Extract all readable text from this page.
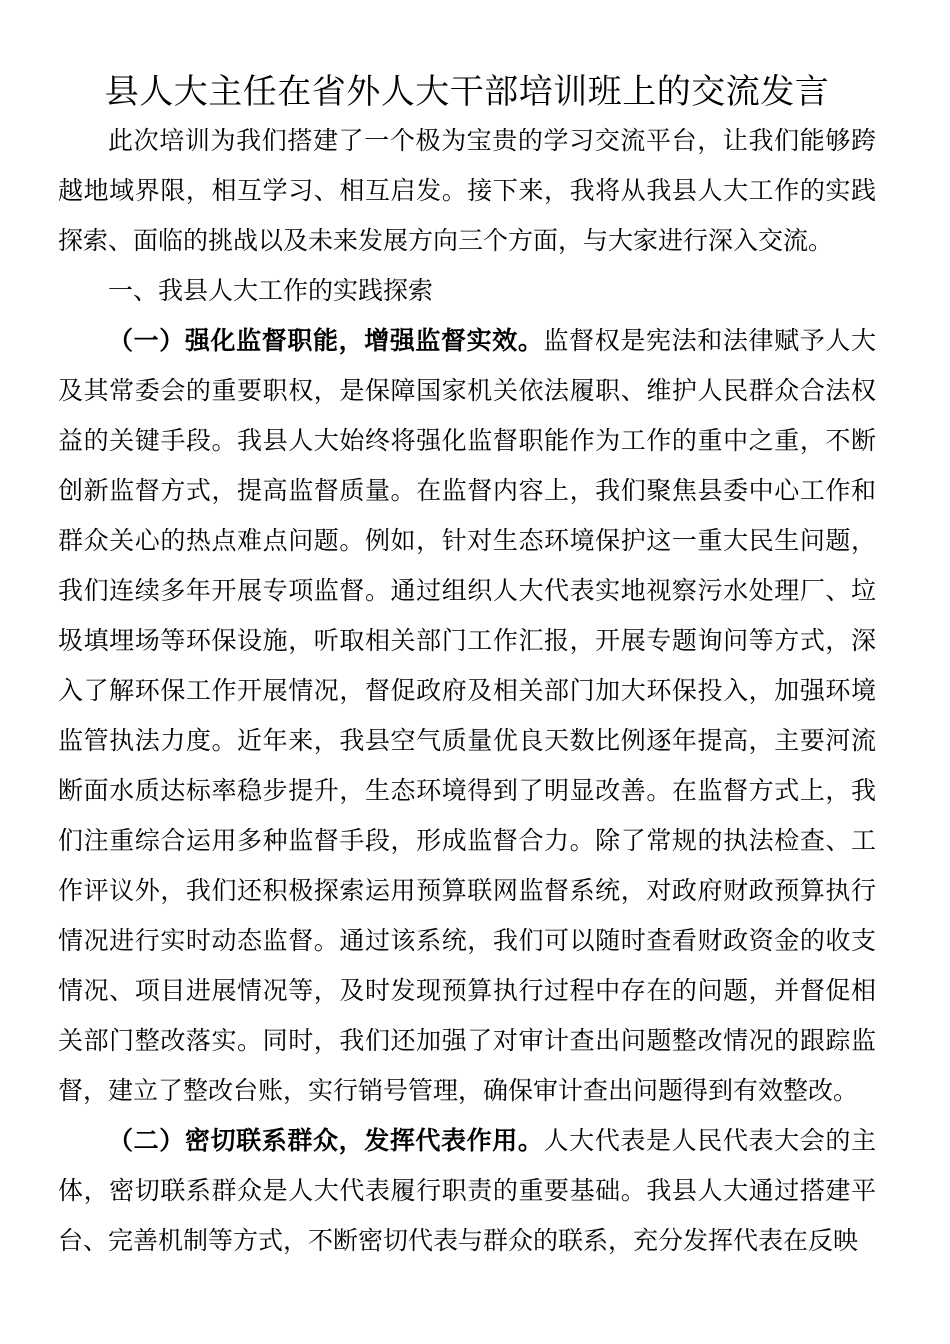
县人大主任在省外人大干部培训班上的交流发言

此次培训为我们搭建了一个极为宝贵的学习交流平台，让我们能够跨越地域界限，相互学习、相互启发。接下来，我将从我县人大工作的实践探索、面临的挑战以及未来发展方向三个方面，与大家进行深入交流。

一、我县人大工作的实践探索

（一）强化监督职能，增强监督实效。监督权是宪法和法律赋予人大及其常委会的重要职权，是保障国家机关依法履职、维护人民群众合法权益的关键手段。我县人大始终将强化监督职能作为工作的重中之重，不断创新监督方式，提高监督质量。在监督内容上，我们聚焦县委中心工作和群众关心的热点难点问题。例如，针对生态环境保护这一重大民生问题，我们连续多年开展专项监督。通过组织人大代表实地视察污水处理厂、垃圾填埋场等环保设施，听取相关部门工作汇报，开展专题询问等方式，深入了解环保工作开展情况，督促政府及相关部门加大环保投入，加强环境监管执法力度。近年来，我县空气质量优良天数比例逐年提高，主要河流断面水质达标率稳步提升，生态环境得到了明显改善。在监督方式上，我们注重综合运用多种监督手段，形成监督合力。除了常规的执法检查、工作评议外，我们还积极探索运用预算联网监督系统，对政府财政预算执行情况进行实时动态监督。通过该系统，我们可以随时查看财政资金的收支情况、项目进展情况等，及时发现预算执行过程中存在的问题，并督促相关部门整改落实。同时，我们还加强了对审计查出问题整改情况的跟踪监督，建立了整改台账，实行销号管理，确保审计查出问题得到有效整改。

（二）密切联系群众，发挥代表作用。人大代表是人民代表大会的主体，密切联系群众是人大代表履行职责的重要基础。我县人大通过搭建平台、完善机制等方式，不断密切代表与群众的联系，充分发挥代表在反映
